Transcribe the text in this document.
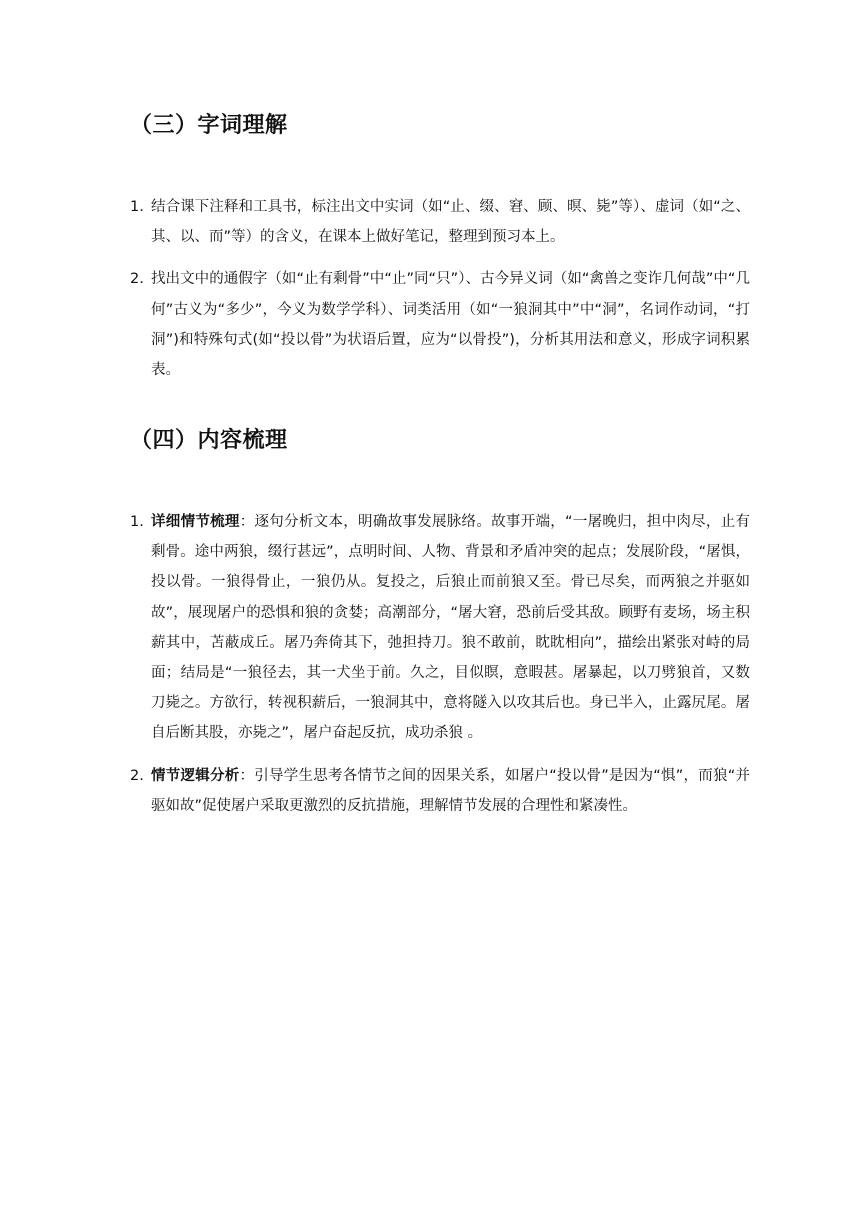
（三）字词理解
1. 结合课下注释和工具书，标注出文中实词（如“止、缀、窘、顾、暝、毙”等）、虚词（如“之、其、以、而”等）的含义，在课本上做好笔记，整理到预习本上。
2. 找出文中的通假字（如“止有剩骨”中“止”同“只”）、古今异义词（如“禽兽之变诈几何哉”中“几何”古义为“多少”，今义为数学学科）、词类活用（如“一狼洞其中”中“洞”，名词作动词，“打洞”)和特殊句式(如“投以骨”为状语后置，应为“以骨投”)，分析其用法和意义，形成字词积累表。
（四）内容梳理
1. 详细情节梳理：逐句分析文本，明确故事发展脉络。故事开端，“一屠晚归，担中肉尽，止有剩骨。途中两狼，缀行甚远”，点明时间、人物、背景和矛盾冲突的起点；发展阶段，“屠惧，投以骨。一狼得骨止，一狼仍从。复投之，后狼止而前狼又至。骨已尽矣，而两狼之并驱如故”，展现屠户的恐惧和狼的贪婪；高潮部分，“屠大窘，恐前后受其敌。顾野有麦场，场主积薪其中，苫蔽成丘。屠乃奔倚其下，弛担持刀。狼不敢前，眈眈相向”，描绘出紧张对峙的局面；结局是“一狼径去，其一犬坐于前。久之，目似瞑，意暇甚。屠暴起，以刀劈狼首，又数刀毙之。方欲行，转视积薪后，一狼洞其中，意将隧入以攻其后也。身已半入，止露尻尾。屠自后断其股，亦毙之”，屠户奋起反抗，成功杀狼 。
2. 情节逻辑分析：引导学生思考各情节之间的因果关系，如屠户“投以骨”是因为“惧”，而狼“并驱如故”促使屠户采取更激烈的反抗措施，理解情节发展的合理性和紧凑性。
